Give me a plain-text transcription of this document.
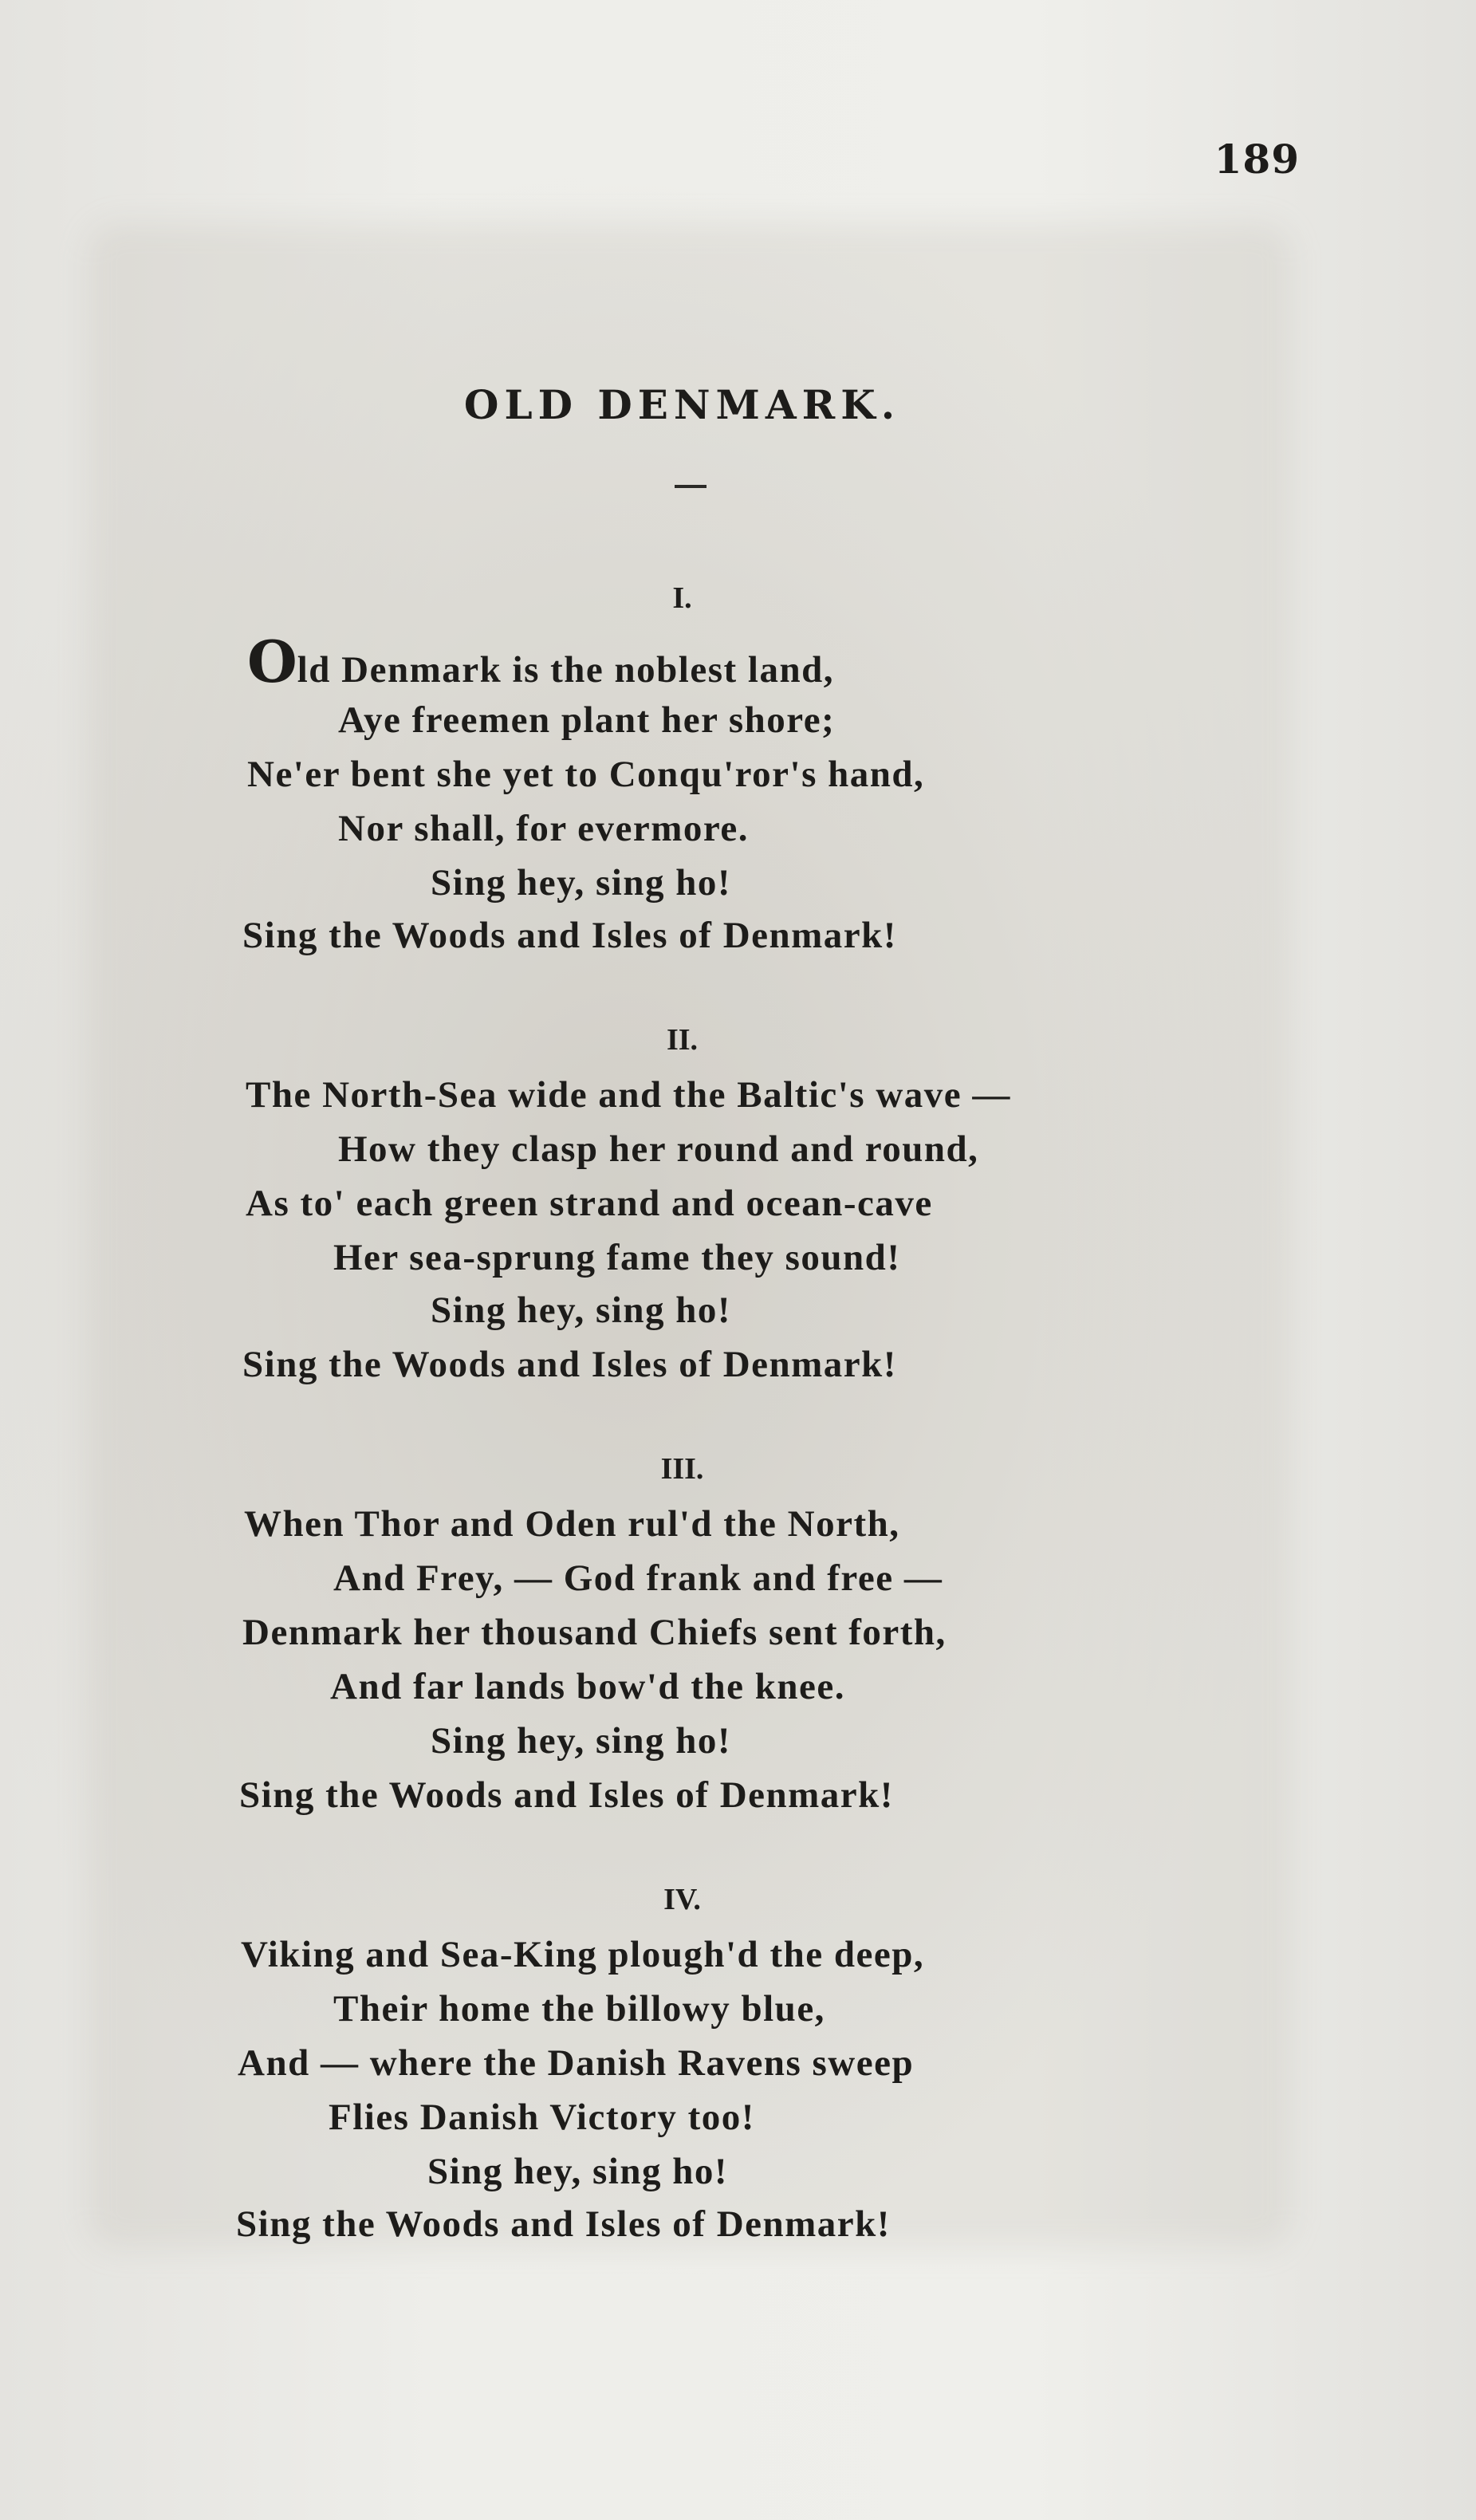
189
OLD DENMARK.
I.
Old Denmark is the noblest land,
Aye freemen plant her shore;
Ne'er bent she yet to Conqu'ror's hand,
Nor shall, for evermore.
Sing hey, sing ho!
Sing the Woods and Isles of Denmark!
II.
The North-Sea wide and the Baltic's wave —
How they clasp her round and round,
As to' each green strand and ocean-cave
Her sea-sprung fame they sound!
Sing hey, sing ho!
Sing the Woods and Isles of Denmark!
III.
When Thor and Oden rul'd the North,
And Frey, — God frank and free —
Denmark her thousand Chiefs sent forth,
And far lands bow'd the knee.
Sing hey, sing ho!
Sing the Woods and Isles of Denmark!
IV.
Viking and Sea-King plough'd the deep,
Their home the billowy blue,
And — where the Danish Ravens sweep
Flies Danish Victory too!
Sing hey, sing ho!
Sing the Woods and Isles of Denmark!
